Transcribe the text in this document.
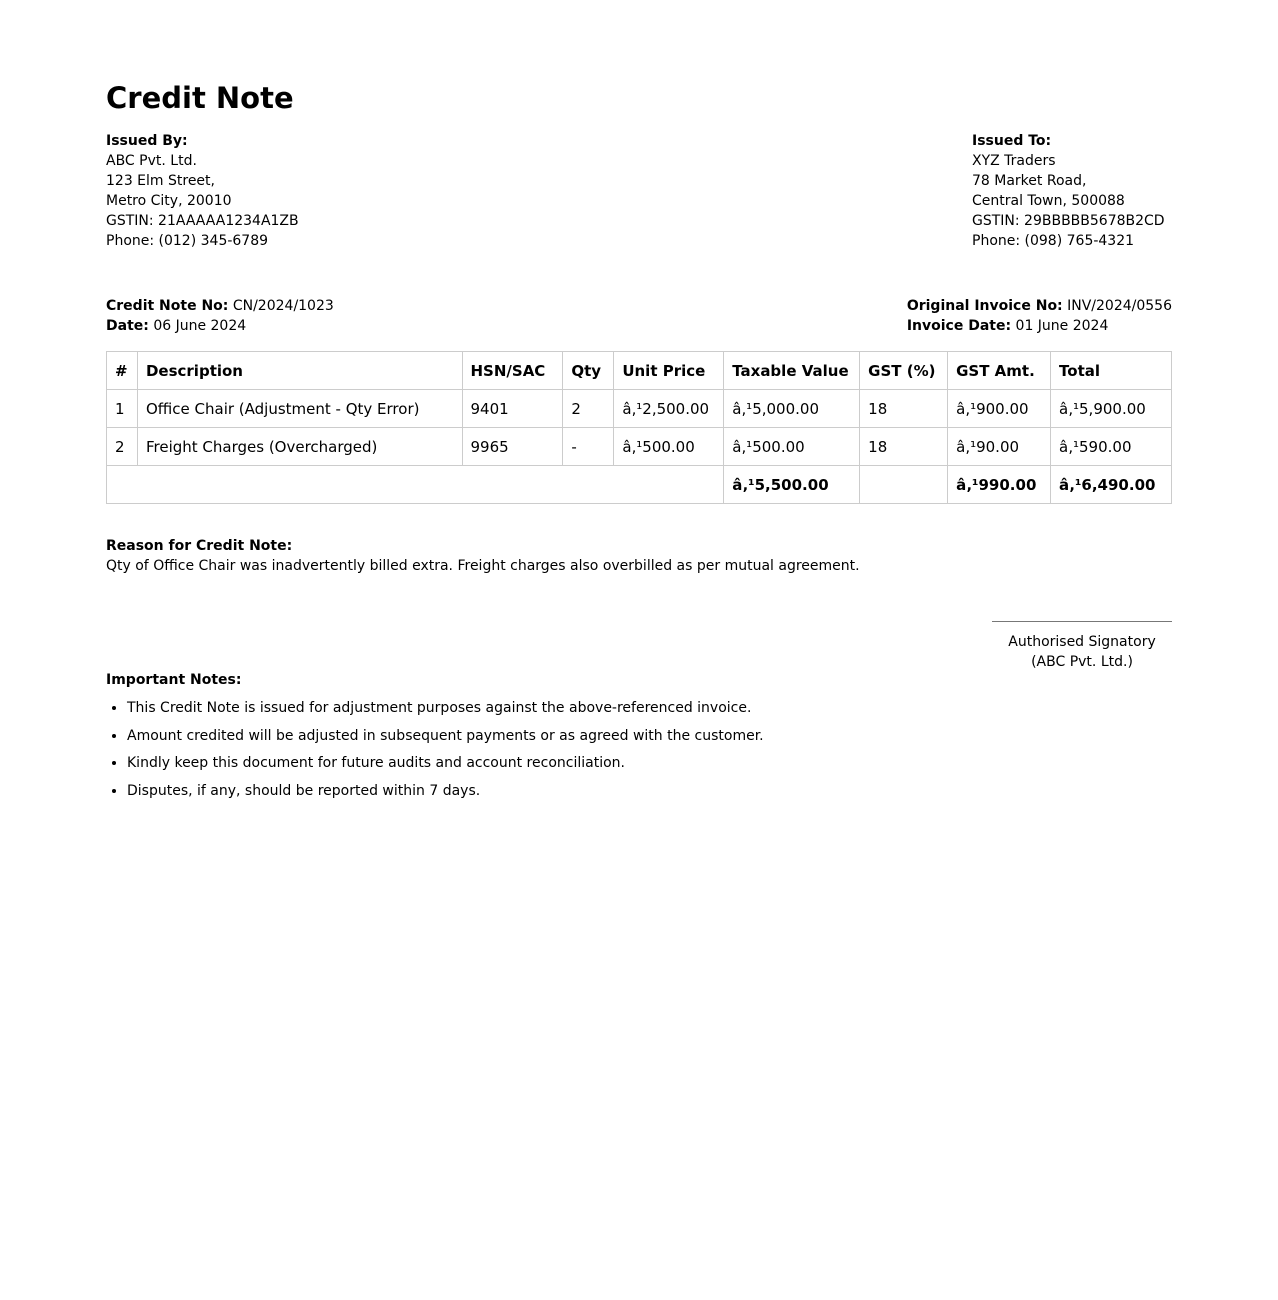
Credit Note
Issued By:
ABC Pvt. Ltd.
123 Elm Street,
Metro City, 20010
GSTIN: 21AAAAA1234A1ZB
Phone: (012) 345-6789
Issued To:
XYZ Traders
78 Market Road,
Central Town, 500088
GSTIN: 29BBBBB5678B2CD
Phone: (098) 765-4321
Credit Note No: CN/2024/1023
Date: 06 June 2024
Original Invoice No: INV/2024/0556
Invoice Date: 01 June 2024
#	Description	HSN/SAC	Qty	Unit Price	Taxable Value	GST (%)	GST Amt.	Total
1	Office Chair (Adjustment - Qty Error)	9401	2	â‚¹2,500.00	â‚¹5,000.00	18	â‚¹900.00	â‚¹5,900.00
2	Freight Charges (Overcharged)	9965	-	â‚¹500.00	â‚¹500.00	18	â‚¹90.00	â‚¹590.00
					â‚¹5,500.00		â‚¹990.00	â‚¹6,490.00
Reason for Credit Note:
Qty of Office Chair was inadvertently billed extra. Freight charges also overbilled as per mutual agreement.
Authorised Signatory
(ABC Pvt. Ltd.)
Important Notes:
• This Credit Note is issued for adjustment purposes against the above-referenced invoice.
• Amount credited will be adjusted in subsequent payments or as agreed with the customer.
• Kindly keep this document for future audits and account reconciliation.
• Disputes, if any, should be reported within 7 days.
